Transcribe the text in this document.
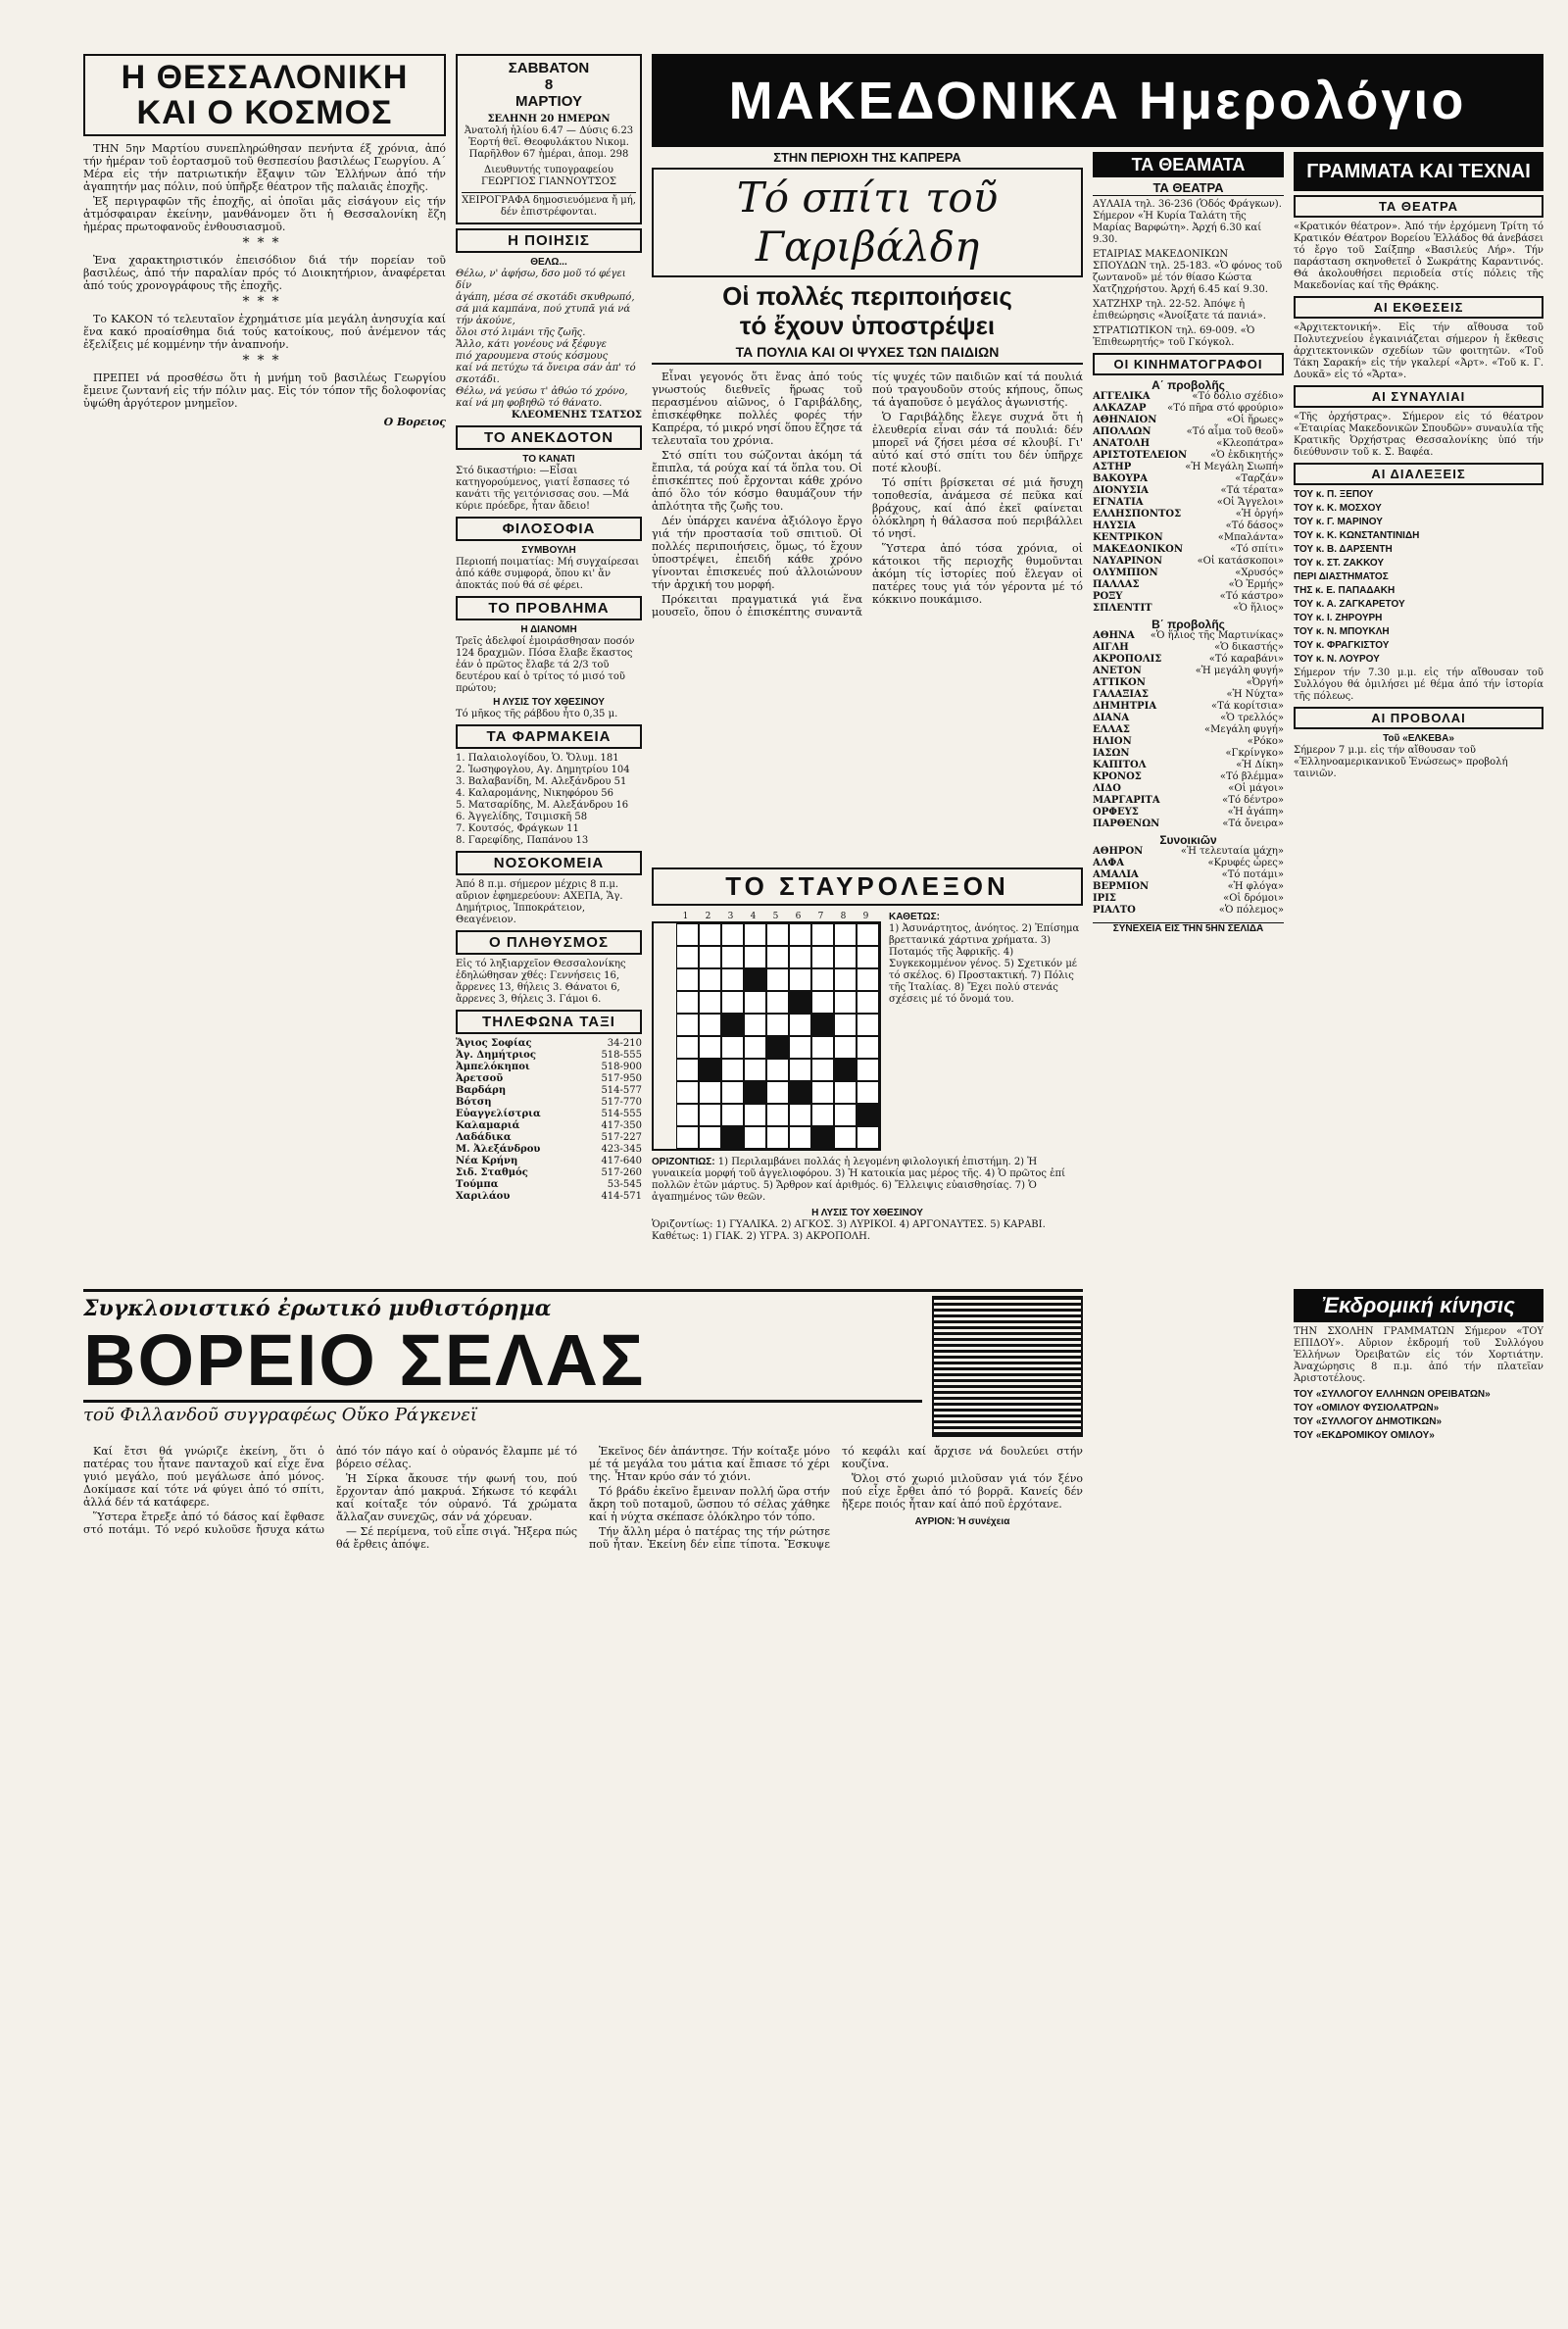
Η ΘΕΣΣΑΛΟΝΙΚΗ ΚΑΙ Ο ΚΟΣΜΟΣ

ΤΗΝ 5ην Μαρτίου συνεπληρώθησαν πενήντα έξ χρόνια, ἀπό τήν ἡμέραν τοῦ ἑορτασμοῦ τοῦ θεσπεσίου βασιλέως Γεωργίου. Α΄ Μέρα εἰς τήν πατριωτικήν ἔξαψιν τῶν Ἑλλήνων ἀπό τήν ἀγαπητήν μας πόλιν, πού ὑπῆρξε θέατρον τῆς παλαιᾶς ἐποχῆς.

Ἐξ περιγραφῶν τῆς ἐποχῆς, αἱ ὁποῖαι μᾶς εἰσάγουν εἰς τήν ἀτμόσφαιραν ἐκείνην, μανθάνομεν ὅτι ἡ Θεσσαλονίκη ἔζη ἡμέρας πρωτοφανοῦς ἐνθουσιασμοῦ.

***

Ἐνα χαρακτηριστικόν ἐπεισόδιον διά τήν πορείαν τοῦ βασιλέως, ἀπό τήν παραλίαν πρός τό Διοικητήριον, ἀναφέρεται ἀπό τούς χρονογράφους τῆς ἐποχῆς.

***

Το ΚΑΚΟΝ τό τελευταῖον ἐχρημάτισε μία μεγάλη ἀνησυχία καί ἕνα κακό προαίσθημα διά τούς κατοίκους, πού ἀνέμενον τάς ἐξελίξεις μέ κομμένην τήν ἀναπνοήν.

***

ΠΡΕΠΕΙ νά προσθέσω ὅτι ἡ μνήμη τοῦ βασιλέως Γεωργίου ἔμεινε ζωντανή εἰς τήν πόλιν μας. Εἰς τόν τόπον τῆς δολοφονίας ὑψώθη ἀργότερον μνημεῖον.

Ο Βορειος
ΣΑΒΒΑΤΟΝ
8
ΜΑΡΤΙΟΥ
ΣΕΛΗΝΗ 20 ΗΜΕΡΩΝ
Ἀνατολή ἡλίου 6.47 — Δύσις 6.23
Ἑορτή θεῖ. Θεοφυλάκτου Νικομ.
Παρῆλθον 67 ἡμέραι, ἀπομ. 298
Διευθυντής τυπογραφείου ΓΕΩΡΓΙΟΣ ΓΙΑΝΝΟΥΤΣΟΣ
ΧΕΙΡΟΓΡΑΦΑ δημοσιευόμενα ἤ μή, δέν ἐπιστρέφονται.
Η ΠΟΙΗΣΙΣ
ΘΕΛΩ...
Θέλω, ν' ἀφήσω, δσο μοῦ τό φέγει δίν
ἀγάπη, μέσα σέ σκοτάδι σκυθρωπό,
σά μιά καμπάνα, πού χτυπᾶ γιά νά τήν ἀκούνε,
ὅλοι στό λιμάνι τῆς ζωῆς.
Ἄλλο, κάτι γονέους νά ξέφυγε
πιό χαρουμενα στούς κόσμους
καί νά πετύχω τά ὄνειρα σάν ἀπ' τό σκοτάδι.
Θέλω, νά γεύσω τ' ἀθώο τό χρόνο,
καί νά μη φοβηθῶ τό θάνατο.
ΚΛΕΟΜΕΝΗΣ ΤΣΑΤΣΟΣ
ΤΟ ΑΝΕΚΔΟΤΟΝ
ΤΟ ΚΑΝΑΤΙ
Στό δικαστήριο: —Εἶσαι κατηγορούμενος, γιατί ἔσπασες τό κανάτι τῆς γειτόνισσας σου. —Μά κύριε πρόεδρε, ἦταν ἄδειο!
ΦΙΛΟΣΟΦΙΑ
ΣΥΜΒΟΥΛΗ
Περιοπή ποιματίας: Μή συγχαίρεσαι ἀπό κάθε συμφορά, ὅπου κι' ἄν ἀποκτάς πού θά σέ φέρει.
ΤΟ ΠΡΟΒΛΗΜΑ
Η ΔΙΑΝΟΜΗ
Τρεῖς ἀδελφοί ἐμοιράσθησαν ποσόν 124 δραχμῶν. Πόσα ἔλαβε ἕκαστος ἐάν ὁ πρῶτος ἔλαβε τά 2/3 τοῦ δευτέρου καί ὁ τρίτος τό μισό τοῦ πρώτου;
Η ΛΥΣΙΣ ΤΟΥ ΧΘΕΣΙΝΟΥ
Τό μῆκος τῆς ράβδου ἦτο 0,35 μ.
ΤΑ ΦΑΡΜΑΚΕΙΑ
1. Παλαιολογίδου, Ὁ. Ὄλυμ. 181
2. Ἰωσηφογλου, Αγ. Δημητρίου 104
3. Βαλαβανίδη, Μ. Αλεξάνδρου 51
4. Καλαρομάνης, Νικηφόρου 56
5. Ματσαρίδης, Μ. Αλεξάνδρου 16
6. Ἀγγελίδης, Τσιμισκῆ 58
7. Κουτσός, Φράγκων 11
8. Γαρεφίδης, Παπάνου 13
ΝΟΣΟΚΟΜΕΙΑ
Ἀπό 8 π.μ. σήμερον μέχρις 8 π.μ. αὔριον ἐφημερεύουν: ΑΧΕΠΑ, Ἅγ. Δημήτριος, Ἱπποκράτειον, Θεαγένειον.
Ο ΠΛΗΘΥΣΜΟΣ
Εἰς τό ληξιαρχεῖον Θεσσαλονίκης ἐδηλώθησαν χθές: Γεννήσεις 16, ἄρρενες 13, θήλεις 3. Θάνατοι 6, ἄρρενες 3, θήλεις 3. Γάμοι 6.
ΤΗΛΕΦΩΝΑ ΤΑΞΙ
Ἅγιος Σοφίας	34-210
Ἀγ. Δημήτριος	518-555
Ἀμπελόκηποι	518-900
Ἀρετσοῦ	517-950
Βαρδάρη	514-577
Βότση	517-770
Εὐαγγελίστρια	514-555
Καλαμαριά	417-350
Λαδάδικα	517-227
Μ. Ἀλεξάνδρου	423-345
Νέα Κρήνη	417-640
Σιδ. Σταθμός	517-260
Τούμπα	53-545
Χαριλάου	414-571
ΜΑΚΕΔΟΝΙΚΑ Ημερολόγιο
ΣΤΗΝ ΠΕΡΙΟΧΗ ΤΗΣ ΚΑΠΡΕΡΑ
Τό σπίτι τοῦ Γαριβάλδη
Οἱ πολλές περιποιήσεις
τό ἔχουν ὑποστρέψει
ΤΑ ΠΟΥΛΙΑ ΚΑΙ ΟΙ ΨΥΧΕΣ ΤΩΝ ΠΑΙΔΙΩΝ

Εἶναι γεγονός ὅτι ἕνας ἀπό τούς γνωστούς διεθνεῖς ἥρωας τοῦ περασμένου αἰῶνος, ὁ Γαριβάλδης, ἐπισκέφθηκε πολλές φορές τήν Καπρέρα, τό μικρό νησί ὅπου ἔζησε τά τελευταῖα του χρόνια.

Στό σπίτι του σώζονται ἀκόμη τά ἔπιπλα, τά ρούχα καί τά ὅπλα του. Οἱ ἐπισκέπτες πού ἔρχονται κάθε χρόνο ἀπό ὅλο τόν κόσμο θαυμάζουν τήν ἁπλότητα τῆς ζωῆς του.

Δέν ὑπάρχει κανένα ἀξιόλογο ἔργο γιά τήν προστασία τοῦ σπιτιοῦ. Οἱ πολλές περιποιήσεις, ὅμως, τό ἔχουν ὑποστρέψει, ἐπειδή κάθε χρόνο γίνονται ἐπισκευές πού ἀλλοιώνουν τήν ἀρχική του μορφή.

Πρόκειται πραγματικά γιά ἕνα μουσεῖο, ὅπου ὁ ἐπισκέπτης συναντᾶ τίς ψυχές τῶν παιδιῶν καί τά πουλιά πού τραγουδοῦν στούς κήπους, ὅπως τά ἀγαποῦσε ὁ μεγάλος ἀγωνιστής.

Ὁ Γαριβάλδης ἔλεγε συχνά ὅτι ἡ ἐλευθερία εἶναι σάν τά πουλιά: δέν μπορεῖ νά ζήσει μέσα σέ κλουβί. Γι' αὐτό καί στό σπίτι του δέν ὑπῆρχε ποτέ κλουβί.

Τό σπίτι βρίσκεται σέ μιά ἥσυχη τοποθεσία, ἀνάμεσα σέ πεῦκα καί βράχους, καί ἀπό ἐκεῖ φαίνεται ὁλόκληρη ἡ θάλασσα πού περιβάλλει τό νησί.

Ὕστερα ἀπό τόσα χρόνια, οἱ κάτοικοι τῆς περιοχῆς θυμοῦνται ἀκόμη τίς ἱστορίες πού ἔλεγαν οἱ πατέρες τους γιά τόν γέροντα μέ τό κόκκινο πουκάμισο.

ΤΟ ΣΤΑΥΡΟΛΕΞΟΝ
1	2	3	4	5	6	7	8	9	ΚΑΘΕΤΩΣ:
1) Ἀσυνάρτητος, ἀνόητος. 2) Ἐπίσημα βρεττανικά χάρτινα χρήματα. 3) Ποταμός τῆς Ἀφρικῆς. 4) Συγκεκομμένον γένος. 5) Σχετικόν μέ τό σκέλος. 6) Προστακτική. 7) Πόλις τῆς Ἰταλίας. 8) Ἔχει πολύ στενάς σχέσεις μέ τό ὄνομά του.
ΟΡΙΖΟΝΤΙΩΣ: 1) Περιλαμβάνει πολλάς ἡ λεγομένη φιλολογική ἐπιστήμη. 2) Ἡ γυναικεία μορφή τοῦ ἀγγελιοφόρου. 3) Ἡ κατοικία μας μέρος τῆς. 4) Ὁ πρῶτος ἐπί πολλῶν ἐτῶν μάρτυς. 5) Ἄρθρον καί ἀριθμός. 6) Ἔλλειψις εὐαισθησίας. 7) Ὁ ἀγαπημένος τῶν θεῶν.
Η ΛΥΣΙΣ ΤΟΥ ΧΘΕΣΙΝΟΥ
Ὁριζοντίως: 1) ΓΥΑΛΙΚΑ. 2) ΑΓΚΟΣ. 3) ΛΥΡΙΚΟΙ. 4) ΑΡΓΟΝΑΥΤΕΣ. 5) ΚΑΡΑΒΙ. Καθέτως: 1) ΓΙΑΚ. 2) ΥΓΡΑ. 3) ΑΚΡΟΠΟΛΗ.
ΤΑ ΘΕΑΜΑΤΑ
ΤΑ ΘΕΑΤΡΑ

ΑΥΛΑΙΑ τηλ. 36-236 (Ὁδός Φράγκων). Σήμερον «Ἡ Κυρία Ταλάτη τῆς Μαρίας Βαρφώτη». Ἀρχή 6.30 καί 9.30.

ΕΤΑΙΡΙΑΣ ΜΑΚΕΔΟΝΙΚΩΝ ΣΠΟΥΔΩΝ τηλ. 25-183. «Ὁ φόνος τοῦ ζωντανοῦ» μέ τόν θίασο Κώστα Χατζηχρήστου. Ἀρχή 6.45 καί 9.30.

ΧΑΤΖΗΧΡ τηλ. 22-52. Ἀπόψε ἡ ἐπιθεώρησις «Ἀνοίξατε τά πανιά».

ΣΤΡΑΤΙΩΤΙΚΟΝ τηλ. 69-009. «Ὁ Ἐπιθεωρητής» τοῦ Γκόγκολ.

ΟΙ ΚΙΝΗΜΑΤΟΓΡΑΦΟΙ
Α΄ προβολῆς
ΑΓΓΕΛΙΚΑ	«Τό δόλιο σχέδιο»
ΑΛΚΑΖΑΡ «Τό πῆρα στό φρούριο»
ΑΘΗΝΑΙΟΝ	«Οἱ ἥρωες»
ΑΠΟΛΛΩΝ	«Τό αἷμα τοῦ θεοῦ»
ΑΝΑΤΟΛΗ	«Κλεοπάτρα»
ΑΡΙΣΤΟΤΕΛΕΙΟΝ «Ὁ ἐκδικητής»
ΑΣΤΗΡ	«Ἡ Μεγάλη Σιωπή»
ΒΑΚΟΥΡΑ	«Ταρζάν»
ΔΙΟΝΥΣΙΑ	«Τά τέρατα»
ΕΓΝΑΤΙΑ	«Οἱ Ἄγγελοι»
ΕΛΛΗΣΠΟΝΤΟΣ	«Ἡ ὀργή»
ΗΛΥΣΙΑ	«Τό δάσος»
ΚΕΝΤΡΙΚΟΝ	«Μπαλάντα»
ΜΑΚΕΔΟΝΙΚΟΝ	«Τό σπίτι»
ΝΑΥΑΡΙΝΟΝ	«Οἱ κατάσκοποι»
ΟΛΥΜΠΙΟΝ	«Χρυσός»
ΠΑΛΛΑΣ	«Ὁ Ἑρμής»
ΡΟΞΥ	«Τό κάστρο»
ΣΠΛΕΝΤΙΤ	«Ὁ ἥλιος»
Β΄ προβολῆς
ΑΘΗΝΑ «Ὁ ἥλιος τῆς Μαρτινίκας»
ΑΙΓΛΗ	«Ὁ δικαστής»
ΑΚΡΟΠΟΛΙΣ	«Τό καραβάνι»
ΑΝΕΤΟΝ	«Ἡ μεγάλη φυγή»
ΑΤΤΙΚΟΝ	«Ὀργή»
ΓΑΛΑΞΙΑΣ	«Ἡ Νύχτα»
ΔΗΜΗΤΡΙΑ	«Τά κορίτσια»
ΔΙΑΝΑ	«Ὁ τρελλός»
ΕΛΛΑΣ	«Μεγάλη φυγή»
ΗΛΙΟΝ	«Ρόκο»
ΙΑΣΩΝ	«Γκρίνγκο»
ΚΑΠΙΤΟΛ	«Ἡ Δίκη»
ΚΡΟΝΟΣ	«Τό βλέμμα»
ΛΙΔΟ	«Οἱ μάγοι»
ΜΑΡΓΑΡΙΤΑ	«Τό δέντρο»
ΟΡΦΕΥΣ	«Ἡ ἀγάπη»
ΠΑΡΘΕΝΩΝ	«Τά ὄνειρα»
Συνοικιῶν
ΑΘΗΡΟΝ	«Ἡ τελευταία μάχη»
ΑΛΦΑ	«Κρυφές ὧρες»
ΑΜΑΛΙΑ	«Τό ποτάμι»
ΒΕΡΜΙΟΝ	«Ἡ φλόγα»
ΙΡΙΣ	«Οἱ δρόμοι»
ΡΙΑΛΤΟ	«Ὁ πόλεμος»
ΣΥΝΕΧΕΙΑ ΕΙΣ ΤΗΝ 5ΗΝ ΣΕΛΙΔΑ
ΓΡΑΜΜΑΤΑ ΚΑΙ ΤΕΧΝΑΙ
ΤΑ ΘΕΑΤΡΑ
«Κρατικόν θέατρον». Ἀπό τήν ἐρχόμενη Τρίτη τό Κρατικόν Θέατρον Βορείου Ἑλλάδος θά ἀνεβάσει τό ἔργο τοῦ Σαίξπηρ «Βασιλεύς Λήρ». Τήν παράσταση σκηνοθετεῖ ὁ Σωκράτης Καραντινός. Θά ἀκολουθήσει περιοδεία στίς πόλεις τῆς Μακεδονίας καί τῆς Θράκης.
ΑΙ ΕΚΘΕΣΕΙΣ
«Ἀρχιτεκτονική». Εἰς τήν αἴθουσα τοῦ Πολυτεχνείου ἐγκαινιάζεται σήμερον ἡ ἔκθεσις ἀρχιτεκτονικῶν σχεδίων τῶν φοιτητῶν. «Τοῦ Τάκη Σαρακή» εἰς τήν γκαλερί «Ἀρτ». «Τοῦ κ. Γ. Δουκᾶ» εἰς τό «Ἄρτα».
ΑΙ ΣΥΝΑΥΛΙΑΙ
«Τῆς ὀρχήστρας». Σήμερον εἰς τό θέατρον «Ἑταιρίας Μακεδονικῶν Σπουδῶν» συναυλία τῆς Κρατικῆς Ὀρχήστρας Θεσσαλονίκης ὑπό τήν διεύθυνσιν τοῦ κ. Σ. Βαφέα.
ΑΙ ΔΙΑΛΕΞΕΙΣ
ΤΟΥ κ. Π. ΞΕΠΟΥ
ΤΟΥ κ. Κ. ΜΟΣΧΟΥ
ΤΟΥ κ. Γ. ΜΑΡΙΝΟΥ
ΤΟΥ κ. Κ. ΚΩΝΣΤΑΝΤΙΝΙΔΗ
ΤΟΥ κ. Β. ΔΑΡΣΕΝΤΗ
ΤΟΥ κ. ΣΤ. ΖΑΚΚΟΥ
ΠΕΡΙ ΔΙΑΣΤΗΜΑΤΟΣ
ΤΗΣ κ. Ε. ΠΑΠΑΔΑΚΗ
ΤΟΥ κ. Α. ΖΑΓΚΑΡΕΤΟΥ
ΤΟΥ κ. Ι. ΖΗΡΟΥΡΗ
ΤΟΥ κ. Ν. ΜΠΟΥΚΛΗ
ΤΟΥ κ. ΦΡΑΓΚΙΣΤΟΥ
ΤΟΥ κ. Ν. ΛΟΥΡΟΥ
Σήμερον τήν 7.30 μ.μ. εἰς τήν αἴθουσαν τοῦ Συλλόγου θά ὁμιλήσει μέ θέμα ἀπό τήν ἱστορία τῆς πόλεως.
ΑΙ ΠΡΟΒΟΛΑΙ
Τοῦ «ΕΛΚΕΒΑ»
Σήμερον 7 μ.μ. εἰς τήν αἴθουσαν τοῦ «Ἑλληνοαμερικανικοῦ Ἐνώσεως» προβολή ταινιῶν.
Ἐκδρομική κίνησις
ΤΗΝ ΣΧΟΛΗΝ ΓΡΑΜΜΑΤΩΝ Σήμερον «ΤΟΥ ΕΠΙΔΟΥ». Αὔριον ἐκδρομή τοῦ Συλλόγου Ἑλλήνων Ὀρειβατῶν εἰς τόν Χορτιάτην. Ἀναχώρησις 8 π.μ. ἀπό τήν πλατεῖαν Ἀριστοτέλους.
ΤΟΥ «ΣΥΛΛΟΓΟΥ ΕΛΛΗΝΩΝ ΟΡΕΙΒΑΤΩΝ»
ΤΟΥ «ΟΜΙΛΟΥ ΦΥΣΙΟΛΑΤΡΩΝ»
ΤΟΥ «ΣΥΛΛΟΓΟΥ ΔΗΜΟΤΙΚΩΝ»
ΤΟΥ «ΕΚΔΡΟΜΙΚΟΥ ΟΜΙΛΟΥ»
Συγκλονιστικό ἐρωτικό μυθιστόρημα
ΒΟΡΕΙΟ ΣΕΛΑΣ
τοῦ Φιλλανδοῦ συγγραφέως Οὔκο Ράγκενεϊ

Καί ἔτσι θά γνώριζε ἐκείνη, ὅτι ὁ πατέρας του ἦτανε πανταχοῦ καί εἶχε ἕνα γυιό μεγάλο, πού μεγάλωσε ἀπό μόνος. Δοκίμασε καί τότε νά φύγει ἀπό τό σπίτι, ἀλλά δέν τά κατάφερε.

Ὕστερα ἔτρεξε ἀπό τό δάσος καί ἔφθασε στό ποτάμι. Τό νερό κυλοῦσε ἤσυχα κάτω ἀπό τόν πάγο καί ὁ οὐρανός ἔλαμπε μέ τό βόρειο σέλας.

Ἡ Σίρκα ἄκουσε τήν φωνή του, πού ἔρχονταν ἀπό μακρυά. Σήκωσε τό κεφάλι καί κοίταξε τόν οὐρανό. Τά χρώματα ἄλλαζαν συνεχῶς, σάν νά χόρευαν.

— Σέ περίμενα, τοῦ εἶπε σιγά. Ἤξερα πώς θά ἔρθεις ἀπόψε.

Ἐκεῖνος δέν ἀπάντησε. Τήν κοίταξε μόνο μέ τά μεγάλα του μάτια καί ἔπιασε τό χέρι της. Ἦταν κρύο σάν τό χιόνι.

Τό βράδυ ἐκεῖνο ἔμειναν πολλή ὥρα στήν ἄκρη τοῦ ποταμοῦ, ὥσπου τό σέλας χάθηκε καί ἡ νύχτα σκέπασε ὁλόκληρο τόν τόπο.

Τήν ἄλλη μέρα ὁ πατέρας της τήν ρώτησε ποῦ ἦταν. Ἐκείνη δέν εἶπε τίποτα. Ἔσκυψε τό κεφάλι καί ἄρχισε νά δουλεύει στήν κουζίνα.

Ὅλοι στό χωριό μιλοῦσαν γιά τόν ξένο πού εἶχε ἔρθει ἀπό τό βορρᾶ. Κανείς δέν ἤξερε ποιός ἦταν καί ἀπό ποῦ ἐρχότανε.

ΑΥΡΙΟΝ: Ἡ συνέχεια
